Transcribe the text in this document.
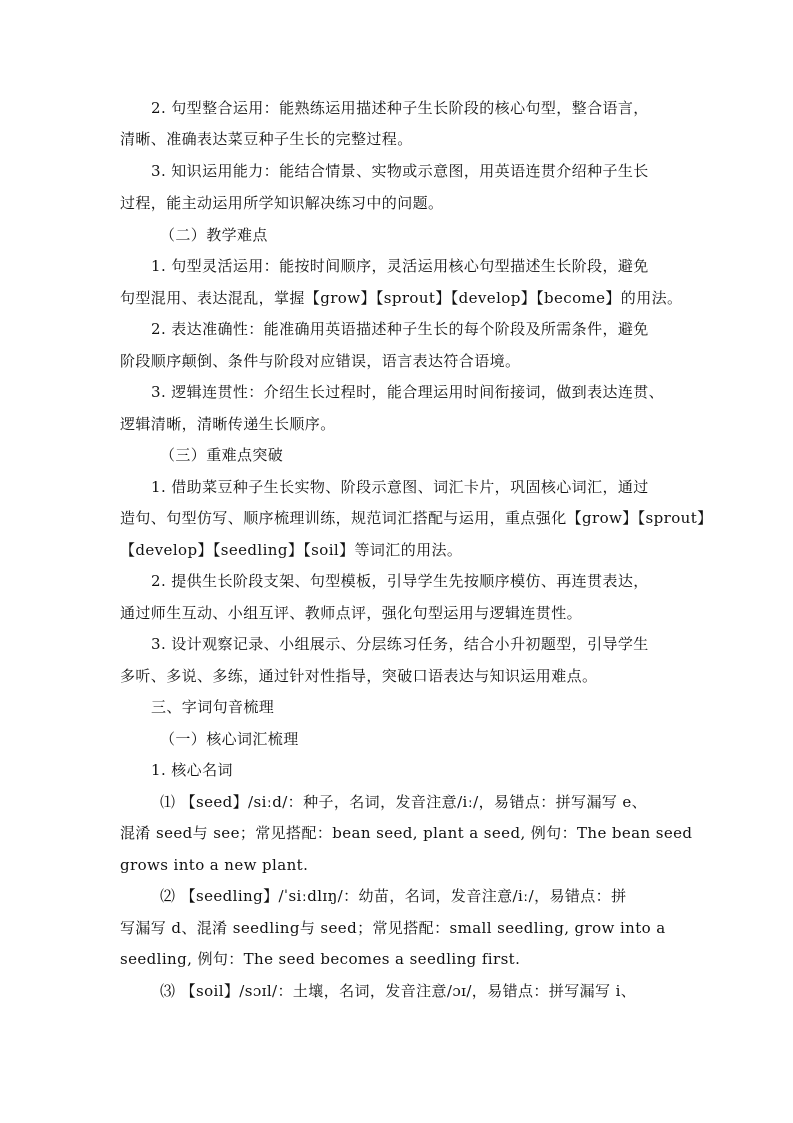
2. 句型整合运用：能熟练运用描述种子生长阶段的核心句型，整合语言，
清晰、准确表达菜豆种子生长的完整过程。
3. 知识运用能力：能结合情景、实物或示意图，用英语连贯介绍种子生长
过程，能主动运用所学知识解决练习中的问题。
（二）教学难点
1. 句型灵活运用：能按时间顺序，灵活运用核心句型描述生长阶段，避免
句型混用、表达混乱，掌握【grow】【sprout】【develop】【become】的用法。
2. 表达准确性：能准确用英语描述种子生长的每个阶段及所需条件，避免
阶段顺序颠倒、条件与阶段对应错误，语言表达符合语境。
3. 逻辑连贯性：介绍生长过程时，能合理运用时间衔接词，做到表达连贯、
逻辑清晰，清晰传递生长顺序。
（三）重难点突破
1. 借助菜豆种子生长实物、阶段示意图、词汇卡片，巩固核心词汇，通过
造句、句型仿写、顺序梳理训练，规范词汇搭配与运用，重点强化【grow】【sprout】
【develop】【seedling】【soil】等词汇的用法。
2. 提供生长阶段支架、句型模板，引导学生先按顺序模仿、再连贯表达，
通过师生互动、小组互评、教师点评，强化句型运用与逻辑连贯性。
3. 设计观察记录、小组展示、分层练习任务，结合小升初题型，引导学生
多听、多说、多练，通过针对性指导，突破口语表达与知识运用难点。
三、字词句音梳理
（一）核心词汇梳理
1. 核心名词
⑴ 【seed】/siːd/：种子，名词，发音注意/iː/，易错点：拼写漏写 e、
混淆 seed与 see；常见搭配：bean seed, plant a seed, 例句：The bean seed
grows into a new plant.
⑵ 【seedling】/ˈsiːdlɪŋ/：幼苗，名词，发音注意/iː/，易错点：拼
写漏写 d、混淆 seedling与 seed；常见搭配：small seedling, grow into a
seedling, 例句：The seed becomes a seedling first.
⑶ 【soil】/sɔɪl/：土壤，名词，发音注意/ɔɪ/，易错点：拼写漏写 i、
